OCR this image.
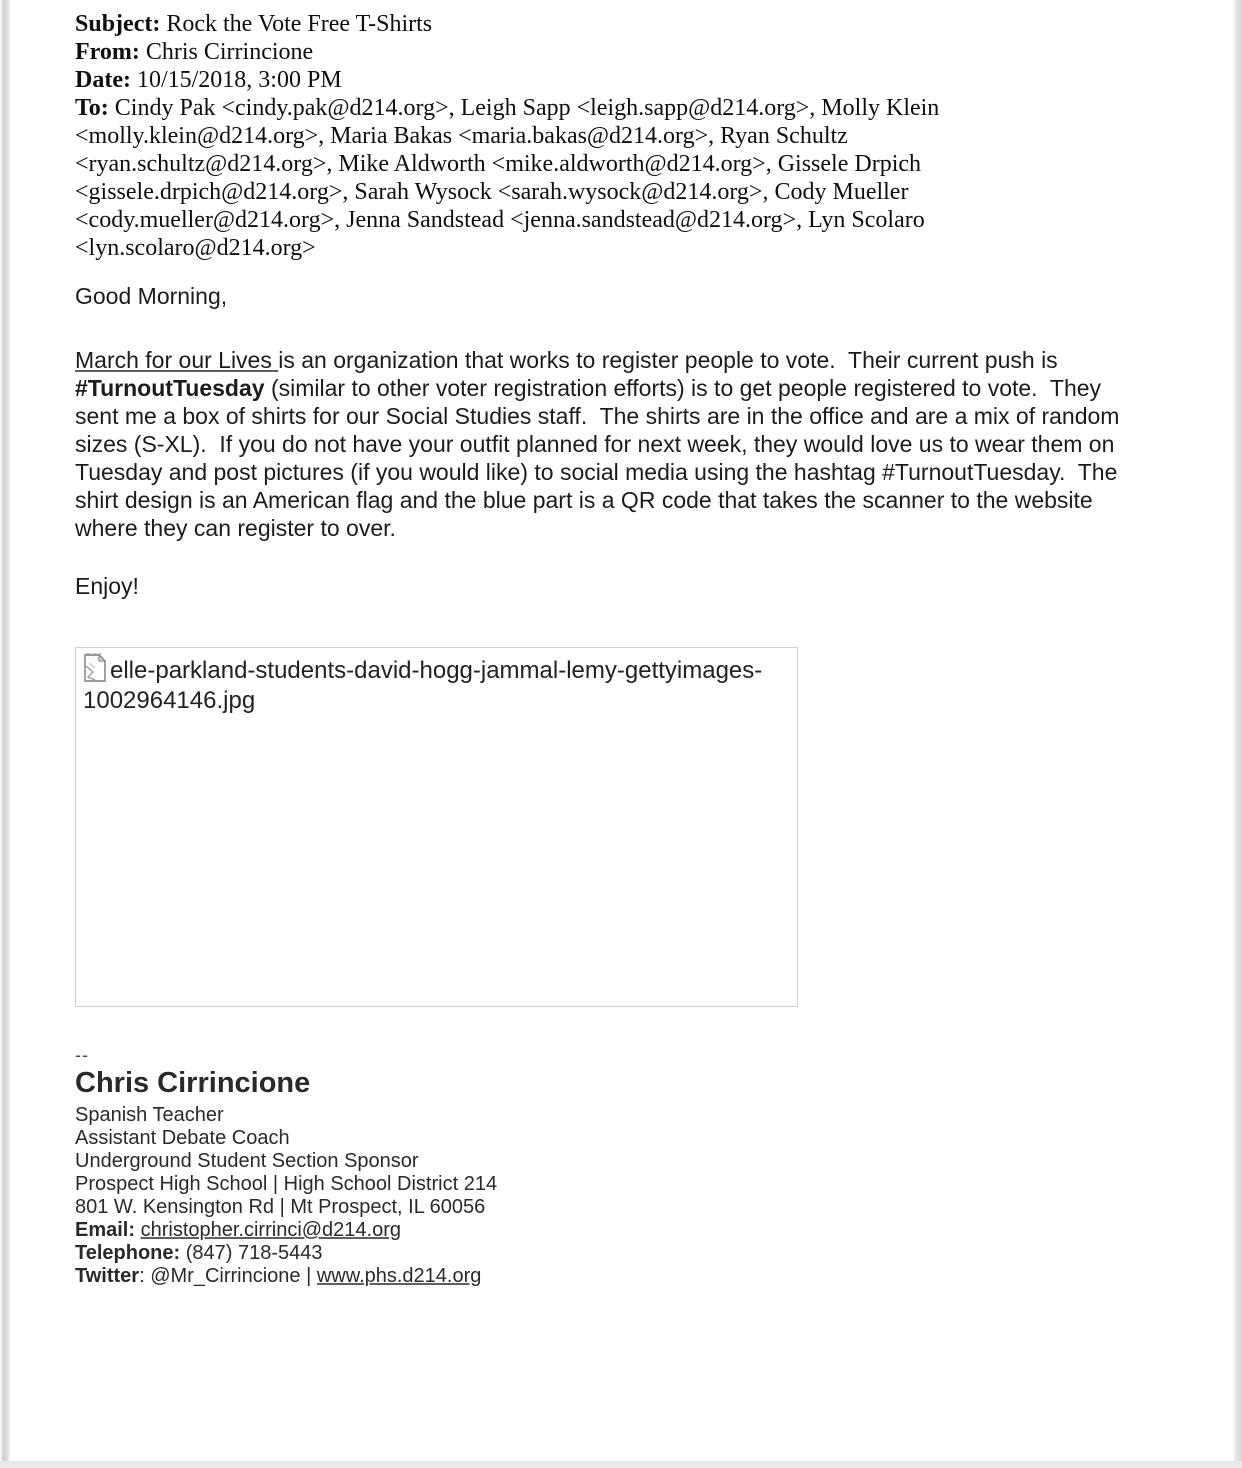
Subject: Rock the Vote Free T-Shirts

From: Chris Cirrincione

Date: 10/15/2018, 3:00 PM

To: Cindy Pak <cindy.pak@d214.org>, Leigh Sapp <leigh.sapp@d214.org>, Molly Klein <molly.klein@d214.org>, Maria Bakas <maria.bakas@d214.org>, Ryan Schultz <ryan.schultz@d214.org>, Mike Aldworth <mike.aldworth@d214.org>, Gissele Drpich <gissele.drpich@d214.org>, Sarah Wysock <sarah.wysock@d214.org>, Cody Mueller <cody.mueller@d214.org>, Jenna Sandstead <jenna.sandstead@d214.org>, Lyn Scolaro <lyn.scolaro@d214.org>

Good Morning,

March for our Lives is an organization that works to register people to vote.  Their current push is #TurnoutTuesday (similar to other voter registration efforts) is to get people registered to vote.  They sent me a box of shirts for our Social Studies staff.  The shirts are in the office and are a mix of random sizes (S-XL).  If you do not have your outfit planned for next week, they would love us to wear them on Tuesday and post pictures (if you would like) to social media using the hashtag #TurnoutTuesday.  The shirt design is an American flag and the blue part is a QR code that takes the scanner to the website where they can register to over.

Enjoy!

elle-parkland-students-david-hogg-jammal-lemy-gettyimages-1002964146.jpg
--
Chris Cirrincione
Spanish Teacher
Assistant Debate Coach
Underground Student Section Sponsor
Prospect High School | High School District 214
801 W. Kensington Rd | Mt Prospect, IL 60056
Email: christopher.cirrinci@d214.org
Telephone: (847) 718-5443
Twitter: @Mr_Cirrincione | www.phs.d214.org
